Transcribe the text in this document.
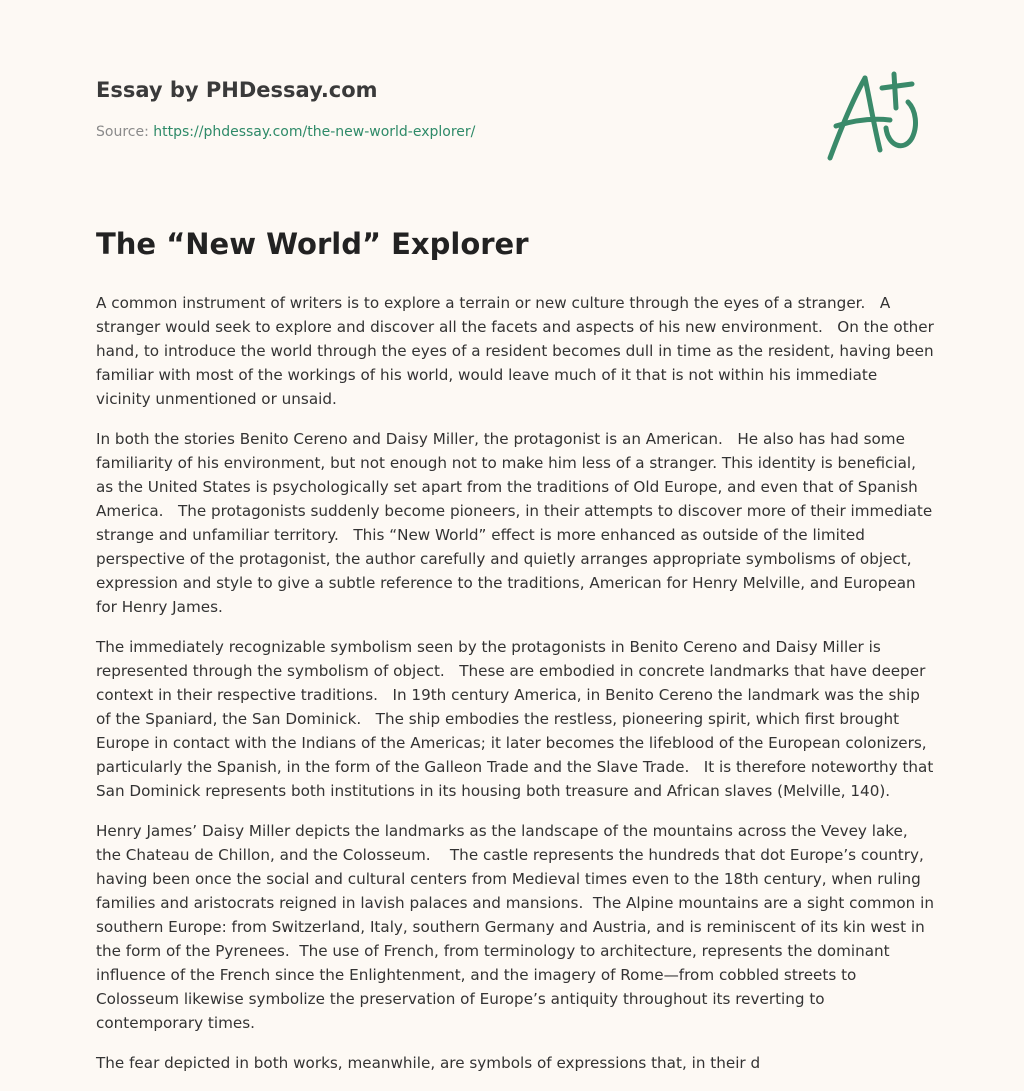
Essay by PHDessay.com
Source: https://phdessay.com/the-new-world-explorer/
The “New World” Explorer

A common instrument of writers is to explore a terrain or new culture through the eyes of a stranger.   A stranger would seek to explore and discover all the facets and aspects of his new environment.   On the other hand, to introduce the world through the eyes of a resident becomes dull in time as the resident, having been familiar with most of the workings of his world, would leave much of it that is not within his immediate vicinity unmentioned or unsaid.

In both the stories Benito Cereno and Daisy Miller, the protagonist is an American.   He also has had some familiarity of his environment, but not enough not to make him less of a stranger. This identity is beneficial, as the United States is psychologically set apart from the traditions of Old Europe, and even that of Spanish America.   The protagonists suddenly become pioneers, in their attempts to discover more of their immediate strange and unfamiliar territory.   This “New World” effect is more enhanced as outside of the limited perspective of the protagonist, the author carefully and quietly arranges appropriate symbolisms of object, expression and style to give a subtle reference to the traditions, American for Henry Melville, and European for Henry James.

The immediately recognizable symbolism seen by the protagonists in Benito Cereno and Daisy Miller is represented through the symbolism of object.   These are embodied in concrete landmarks that have deeper context in their respective traditions.   In 19th century America, in Benito Cereno the landmark was the ship of the Spaniard, the San Dominick.   The ship embodies the restless, pioneering spirit, which first brought Europe in contact with the Indians of the Americas; it later becomes the lifeblood of the European colonizers, particularly the Spanish, in the form of the Galleon Trade and the Slave Trade.   It is therefore noteworthy that San Dominick represents both institutions in its housing both treasure and African slaves (Melville, 140).

Henry James’ Daisy Miller depicts the landmarks as the landscape of the mountains across the Vevey lake, the Chateau de Chillon, and the Colosseum.    The castle represents the hundreds that dot Europe’s country, having been once the social and cultural centers from Medieval times even to the 18th century, when ruling families and aristocrats reigned in lavish palaces and mansions.  The Alpine mountains are a sight common in southern Europe: from Switzerland, Italy, southern Germany and Austria, and is reminiscent of its kin west in the form of the Pyrenees.  The use of French, from terminology to architecture, represents the dominant influence of the French since the Enlightenment, and the imagery of Rome—from cobbled streets to Colosseum likewise symbolize the preservation of Europe’s antiquity throughout its reverting to contemporary times.

The fear depicted in both works, meanwhile, are symbols of expressions that, in their d
